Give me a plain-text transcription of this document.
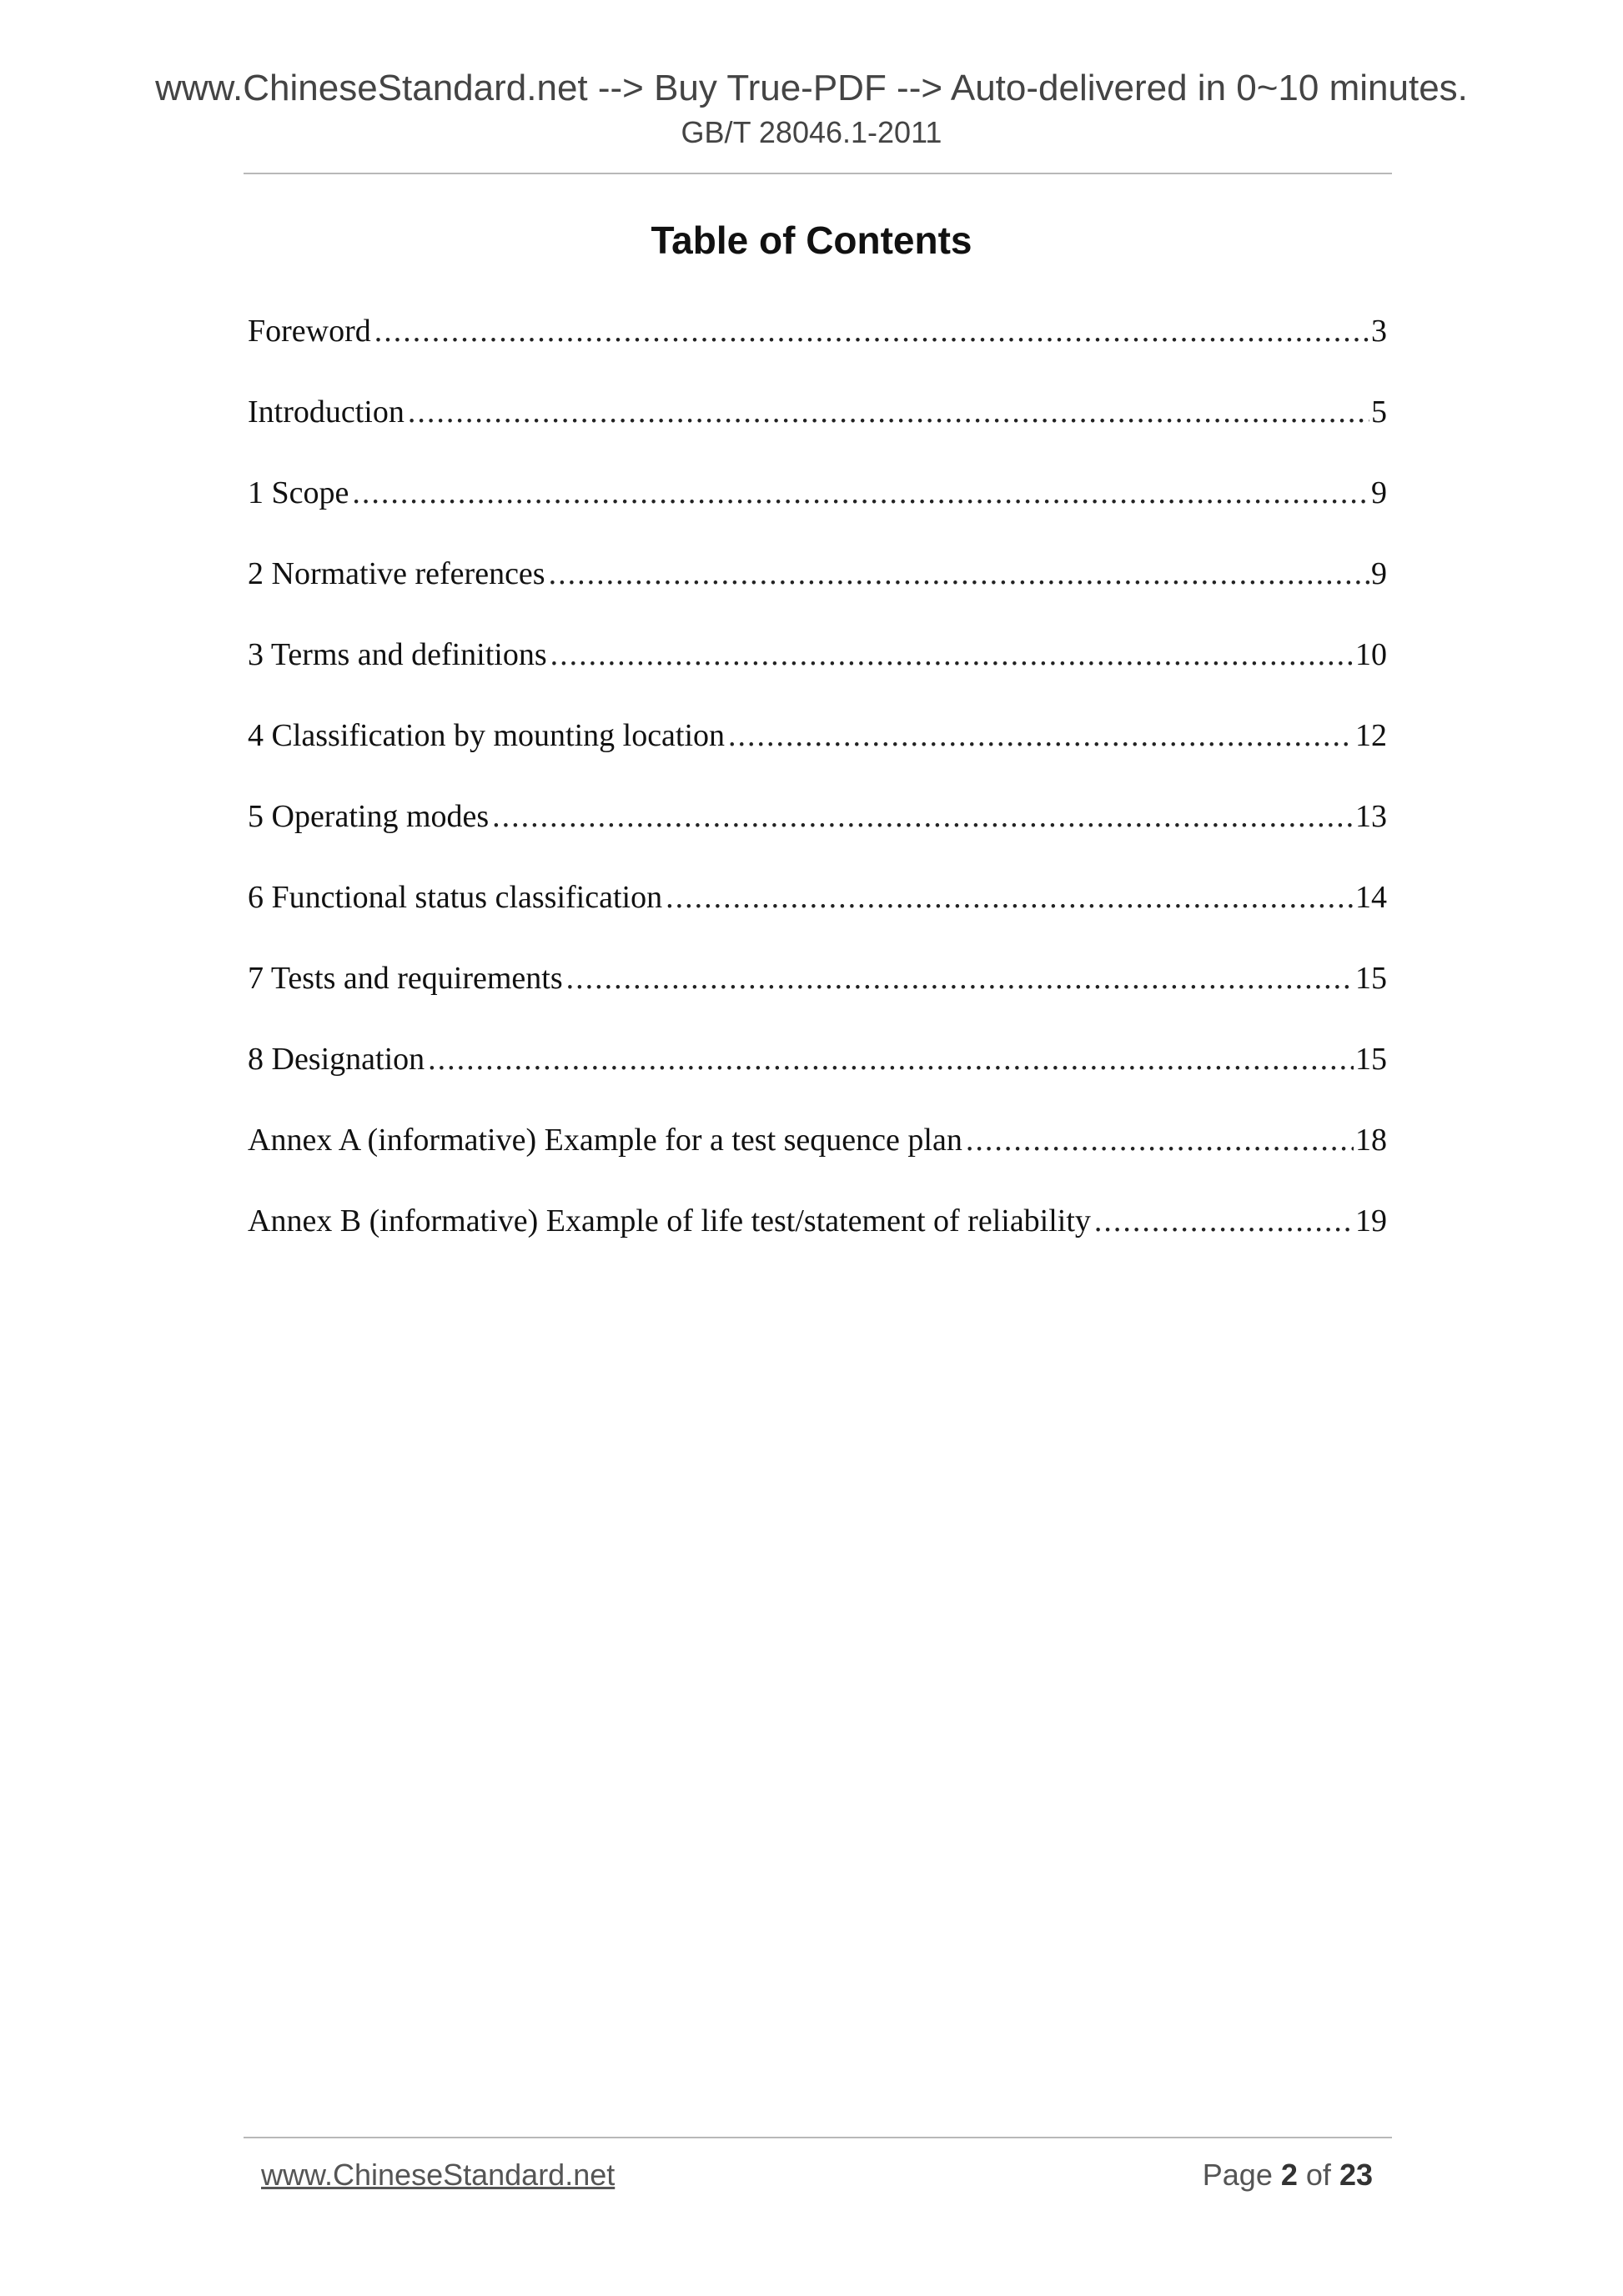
www.ChineseStandard.net --> Buy True-PDF --> Auto-delivered in 0~10 minutes.
GB/T 28046.1-2011
Table of Contents
Foreword .....	3
Introduction .....	5
1 Scope .....	9
2 Normative references .....	9
3 Terms and definitions .....	10
4 Classification by mounting location .....	12
5 Operating modes .....	13
6 Functional status classification .....	14
7 Tests and requirements .....	15
8 Designation .....	15
Annex A (informative) Example for a test sequence plan .....	18
Annex B (informative) Example of life test/statement of reliability .....	19
www.ChineseStandard.net	Page 2 of 23
